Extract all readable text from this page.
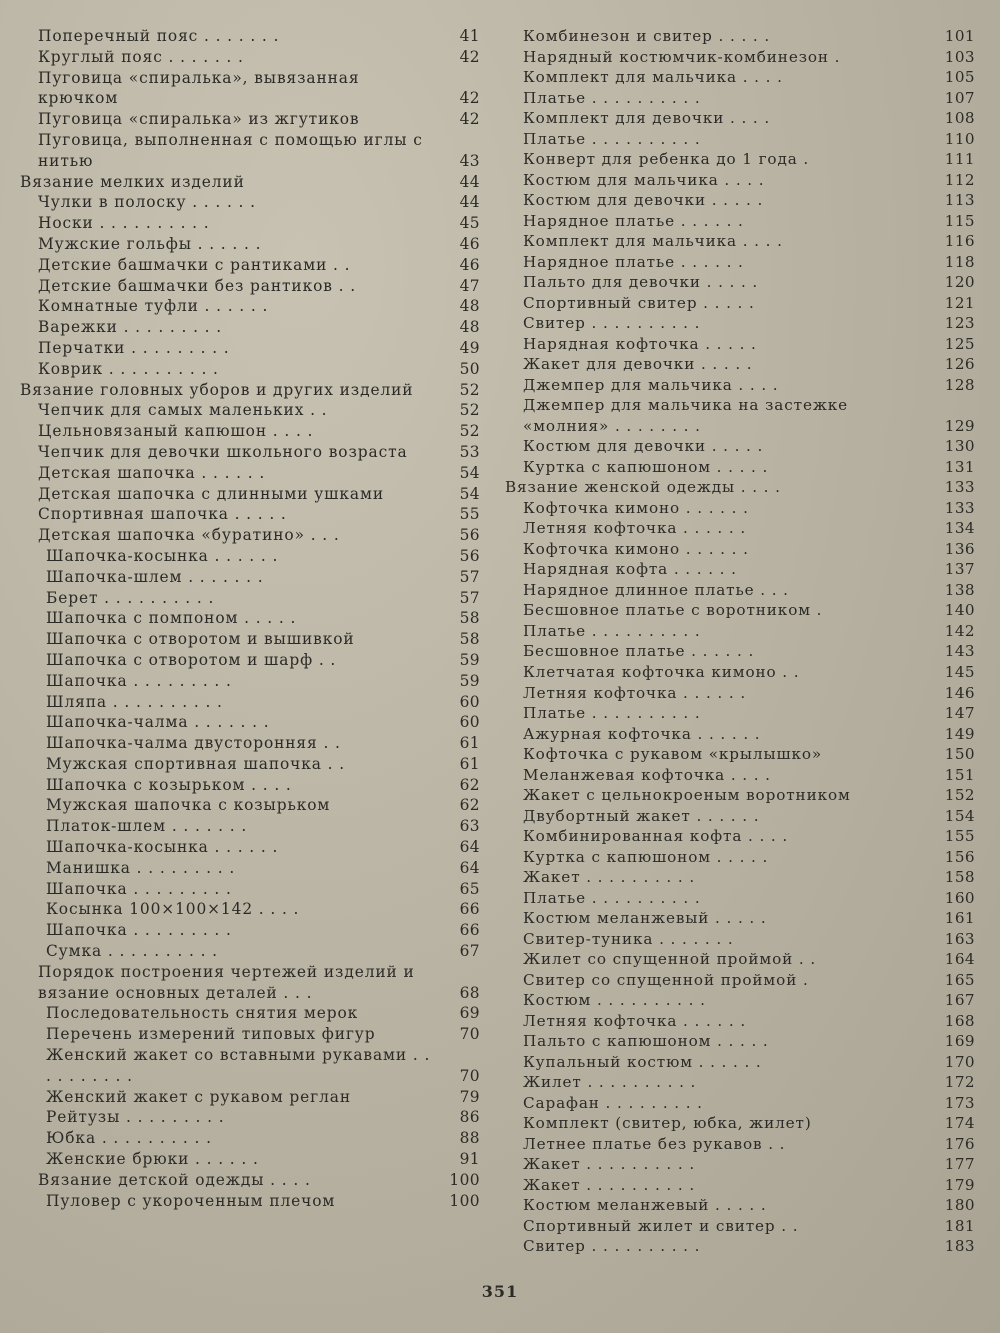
Поперечный пояс . . . . . . .	41
Круглый пояс . . . . . . .	42
Пуговица «спиралька», вывязанная крючком	42
Пуговица «спиралька» из жгутиков	42
Пуговица, выполненная с помощью иглы с нитью	43
Вязание мелких изделий	44
Чулки в полоску . . . . . .	44
Носки . . . . . . . . . .	45
Мужские гольфы . . . . . .	46
Детские башмачки с рантиками . .	46
Детские башмачки без рантиков . .	47
Комнатные туфли . . . . . .	48
Варежки . . . . . . . . .	48
Перчатки . . . . . . . . .	49
Коврик . . . . . . . . . .	50
Вязание головных уборов и других изделий	52
Чепчик для самых маленьких . .	52
Цельновязаный капюшон . . . .	52
Чепчик для девочки школьного возраста	53
Детская шапочка . . . . . .	54
Детская шапочка с длинными ушками	54
Спортивная шапочка . . . . .	55
Детская шапочка «буратино» . . .	56
Шапочка-косынка . . . . . .	56
Шапочка-шлем . . . . . . .	57
Берет . . . . . . . . . .	57
Шапочка с помпоном . . . . .	58
Шапочка с отворотом и вышивкой	58
Шапочка с отворотом и шарф . .	59
Шапочка . . . . . . . . .	59
Шляпа . . . . . . . . . .	60
Шапочка-чалма . . . . . . .	60
Шапочка-чалма двусторонняя . .	61
Мужская спортивная шапочка . .	61
Шапочка с козырьком . . . .	62
Мужская шапочка с козырьком	62
Платок-шлем . . . . . . .	63
Шапочка-косынка . . . . . .	64
Манишка . . . . . . . . .	64
Шапочка . . . . . . . . .	65
Косынка 100×100×142 . . . .	66
Шапочка . . . . . . . . .	66
Сумка . . . . . . . . . .	67
Порядок построения чертежей изделий и вязание основных деталей . . .	68
Последовательность снятия мерок	69
Перечень измерений типовых фигур	70
Женский жакет со вставными рукавами . . . . . . . . . .	70
Женский жакет с рукавом реглан	79
Рейтузы . . . . . . . . .	86
Юбка . . . . . . . . . .	88
Женские брюки . . . . . .	91
Вязание детской одежды . . . .	100
Пуловер с укороченным плечом	100
Комбинезон и свитер . . . . .	101
Нарядный костюмчик-комбинезон .	103
Комплект для мальчика . . . .	105
Платье . . . . . . . . . .	107
Комплект для девочки . . . .	108
Платье . . . . . . . . . .	110
Конверт для ребенка до 1 года .	111
Костюм для мальчика . . . .	112
Костюм для девочки . . . . .	113
Нарядное платье . . . . . .	115
Комплект для мальчика . . . .	116
Нарядное платье . . . . . .	118
Пальто для девочки . . . . .	120
Спортивный свитер . . . . .	121
Свитер . . . . . . . . . .	123
Нарядная кофточка . . . . .	125
Жакет для девочки . . . . .	126
Джемпер для мальчика . . . .	128
Джемпер для мальчика на застежке «молния» . . . . . . . .	129
Костюм для девочки . . . . .	130
Куртка с капюшоном . . . . .	131
Вязание женской одежды . . . .	133
Кофточка кимоно . . . . . .	133
Летняя кофточка . . . . . .	134
Кофточка кимоно . . . . . .	136
Нарядная кофта . . . . . .	137
Нарядное длинное платье . . .	138
Бесшовное платье с воротником .	140
Платье . . . . . . . . . .	142
Бесшовное платье . . . . . .	143
Клетчатая кофточка кимоно . .	145
Летняя кофточка . . . . . .	146
Платье . . . . . . . . . .	147
Ажурная кофточка . . . . . .	149
Кофточка с рукавом «крылышко»	150
Меланжевая кофточка . . . .	151
Жакет с цельнокроеным воротником	152
Двубортный жакет . . . . . .	154
Комбинированная кофта . . . .	155
Куртка с капюшоном . . . . .	156
Жакет . . . . . . . . . .	158
Платье . . . . . . . . . .	160
Костюм меланжевый . . . . .	161
Свитер-туника . . . . . . .	163
Жилет со спущенной проймой . .	164
Свитер со спущенной проймой .	165
Костюм . . . . . . . . . .	167
Летняя кофточка . . . . . .	168
Пальто с капюшоном . . . . .	169
Купальный костюм . . . . . .	170
Жилет . . . . . . . . . .	172
Сарафан . . . . . . . . .	173
Комплект (свитер, юбка, жилет)	174
Летнее платье без рукавов . .	176
Жакет . . . . . . . . . .	177
Жакет . . . . . . . . . .	179
Костюм меланжевый . . . . .	180
Спортивный жилет и свитер . .	181
Свитер . . . . . . . . . .	183
351
